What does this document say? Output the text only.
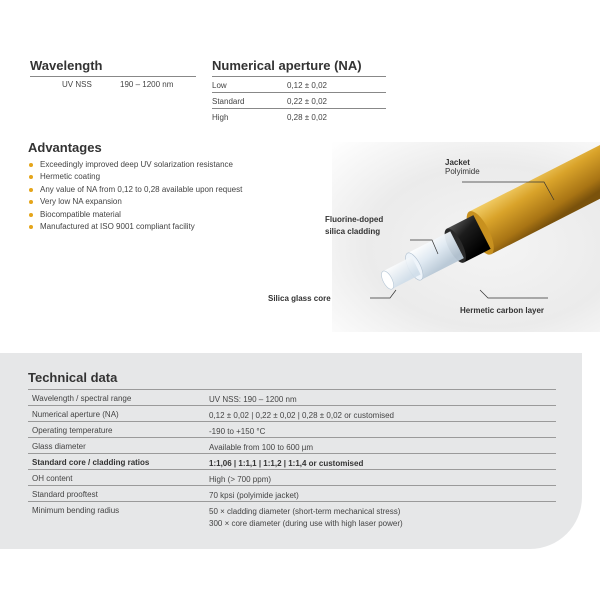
Wavelength
UV NSS	190 – 1200 nm
Numerical aperture (NA)
Low	0,12 ± 0,02
Standard	0,22 ± 0,02
High	0,28 ± 0,02
Advantages
Exceedingly improved deep UV solarization resistance
Hermetic coating
Any value of NA from 0,12 to 0,28 available upon request
Very low NA expansion
Biocompatible material
Manufactured at ISO 9001 compliant facility
Jacket
Polyimide
Fluorine-doped
silica cladding
Silica glass core
Hermetic carbon layer
Technical data
Wavelength / spectral range	UV NSS: 190 – 1200 nm
Numerical aperture (NA)	0,12 ± 0,02 | 0,22 ± 0,02 | 0,28 ± 0,02 or customised
Operating temperature	-190 to +150 °C
Glass diameter	Available from 100 to 600 µm
Standard core / cladding ratios	1:1,06 | 1:1,1 | 1:1,2 | 1:1,4 or customised
OH content	High (> 700 ppm)
Standard prooftest	70 kpsi (polyimide jacket)
Minimum bending radius	50 × cladding diameter (short-term mechanical stress)
300 × core diameter (during use with high laser power)
